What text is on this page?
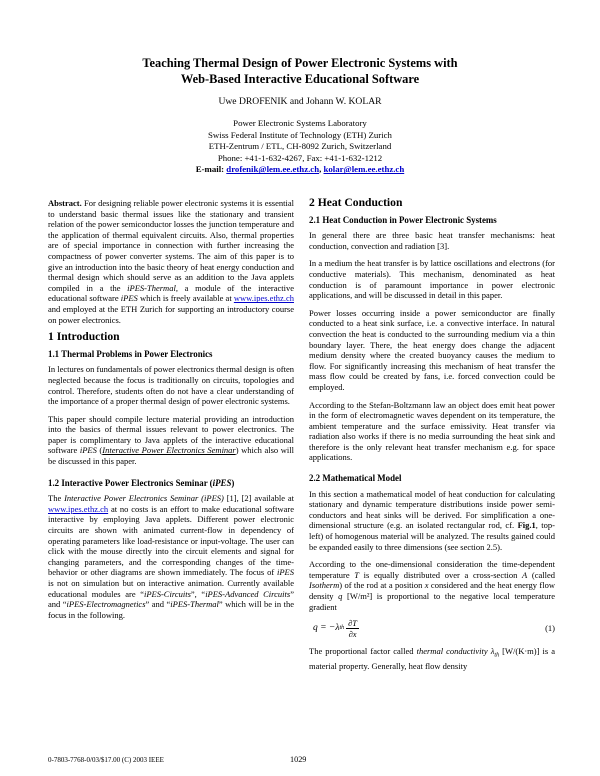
Teaching Thermal Design of Power Electronic Systems with
Web-Based Interactive Educational Software
Uwe DROFENIK and Johann W. KOLAR
Power Electronic Systems Laboratory
Swiss Federal Institute of Technology (ETH) Zurich
ETH-Zentrum / ETL, CH-8092 Zurich, Switzerland
Phone: +41-1-632-4267, Fax: +41-1-632-1212
E-mail: drofenik@lem.ee.ethz.ch, kolar@lem.ee.ethz.ch

Abstract. For designing reliable power electronic systems it is essential to understand basic thermal issues like the stationary and transient relation of the power semiconductor losses the junction temperature and the application of thermal equivalent circuits. Also, thermal properties are of special importance in connection with further increasing the compactness of power converter systems. The aim of this paper is to give an introduction into the basic theory of heat energy conduction and thermal design which should serve as an addition to the Java applets compiled in a the iPES-Thermal, a module of the interactive educational software iPES which is freely available at www.ipes.ethz.ch and employed at the ETH Zurich for supporting an introductory course on power electronics.

1 Introduction
1.1 Thermal Problems in Power Electronics

In lectures on fundamentals of power electronics thermal design is often neglected because the focus is traditionally on circuits, topologies and control. Therefore, students often do not have a clear understanding of the importance of a proper thermal design of power electronic systems.

This paper should compile lecture material providing an introduction into the basics of thermal issues relevant to power electronics. The paper is complimentary to Java applets of the interactive educational software iPES (Interactive Power Electronics Seminar) which also will be discussed in this paper.

1.2 Interactive Power Electronics Seminar (iPES)

The Interactive Power Electronics Seminar (iPES) [1], [2] available at www.ipes.ethz.ch at no costs is an effort to make educational software interactive by employing Java applets. Different power electronic circuits are shown with animated current-flow in dependency of operating parameters like load-resistance or input-voltage. The user can click with the mouse directly into the circuit elements and signal for changing parameters, and the corresponding changes of the time-behavior or other diagrams are shown immediately. The focus of iPES is not on simulation but on interactive animation. Currently available educational modules are “iPES-Circuits”, “iPES-Advanced Circuits” and “iPES-Electromagnetics” and “iPES-Thermal” which will be in the focus in the following.

2 Heat Conduction
2.1 Heat Conduction in Power Electronic Systems

In general there are three basic heat transfer mechanisms: heat conduction, convection and radiation [3].

In a medium the heat transfer is by lattice oscillations and electrons (for conductive materials). This mechanism, denominated as heat conduction is of paramount importance in power electronic applications, and will be discussed in detail in this paper.

Power losses occurring inside a power semiconductor are finally conducted to a heat sink surface, i.e. a convective interface. In natural convection the heat is conducted to the surrounding medium via a thin boundary layer. There, the heat energy does change the adjacent medium density where the created buoyancy causes the medium to flow. For significantly increasing this mechanism of heat transfer the mass flow could be created by fans, i.e. forced convection could be employed.

According to the Stefan-Boltzmann law an object does emit heat power in the form of electromagnetic waves dependent on its temperature, the ambient temperature and the surface emissivity. Heat transfer via radiation also works if there is no media surrounding the heat sink and therefore is the only relevant heat transfer mechanism e.g. for space applications.

2.2 Mathematical Model

In this section a mathematical model of heat conduction for calculating stationary and dynamic temperature distributions inside power semi-conductors and heat sinks will be derived. For simplification a one-dimensional structure (e.g. an isolated rectangular rod, cf. Fig.1, top-left) of homogenous material will be analyzed. The results gained could be expanded easily to three dimensions (see section 2.5).

According to the one-dimensional consideration the time-dependent temperature T is equally distributed over a cross-section A (called Isotherm) of the rod at a position x considered and the heat energy flow density q [W/m²] is proportional to the negative local temperature gradient

q = −λ th $\frac{\partial T}{\partial x}$	(1)

The proportional factor called thermal conductivity $\lambda_{th}$ [W/(K·m)] is a material property. Generally, heat flow density

0-7803-7768-0/03/$17.00 (C) 2003 IEEE	1029
